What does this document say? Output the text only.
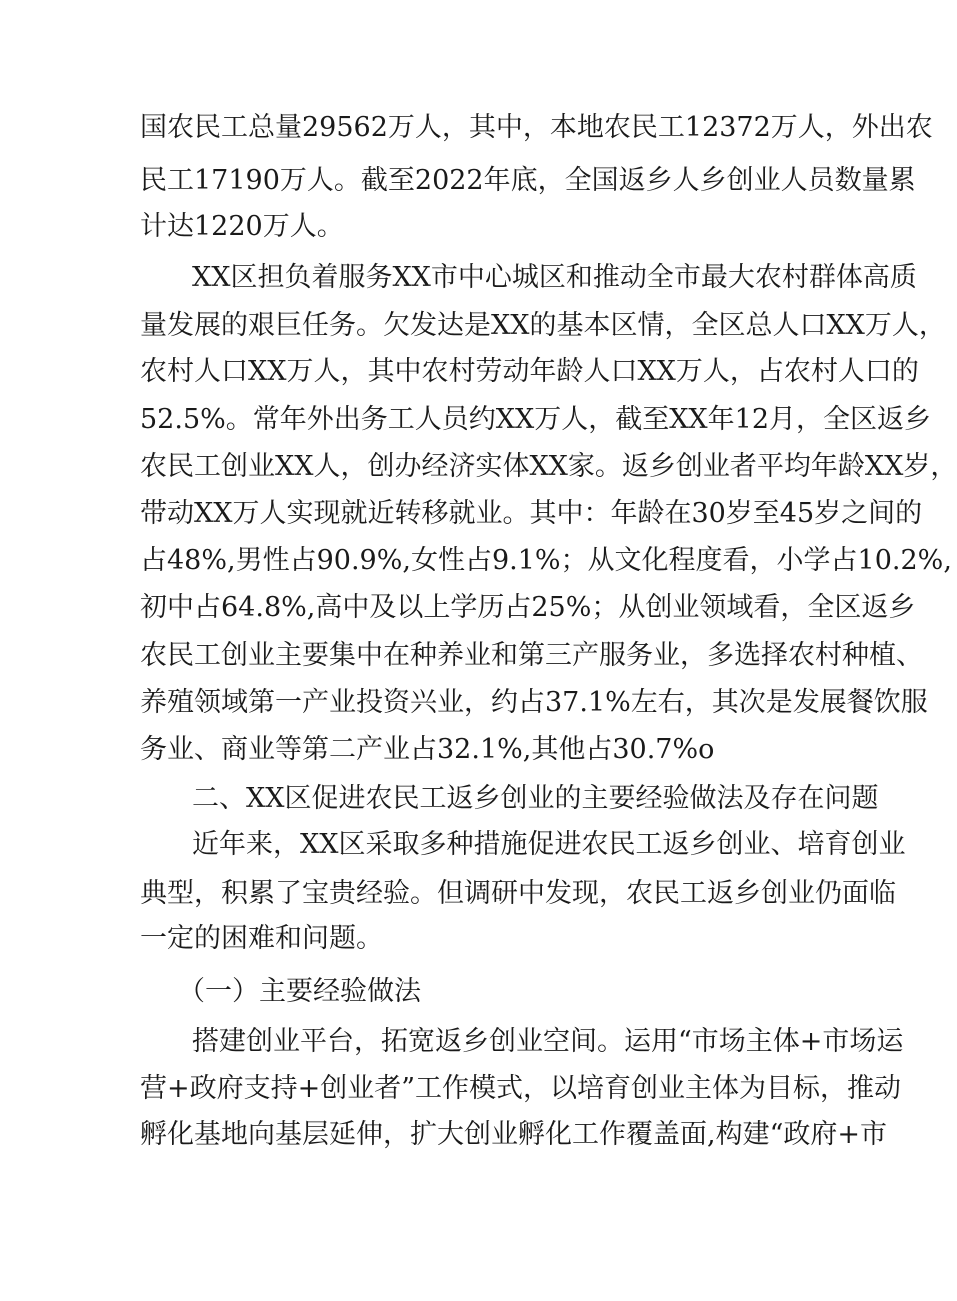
国农民工总量29562万人，其中，本地农民工12372万人，外出农
民工17190万人。截至2022年底，全国返乡人乡创业人员数量累
计达1220万人。
XX区担负着服务XX市中心城区和推动全市最大农村群体高质
量发展的艰巨任务。欠发达是XX的基本区情，全区总人口XX万人，
农村人口XX万人，其中农村劳动年龄人口XX万人，占农村人口的
52.5%。常年外出务工人员约XX万人，截至XX年12月，全区返乡
农民工创业XX人，创办经济实体XX家。返乡创业者平均年龄XX岁，
带动XX万人实现就近转移就业。其中：年龄在30岁至45岁之间的
占48%,男性占90.9%,女性占9.1%；从文化程度看，小学占10.2%,
初中占64.8%,高中及以上学历占25%；从创业领域看，全区返乡
农民工创业主要集中在种养业和第三产服务业，多选择农村种植、
养殖领域第一产业投资兴业，约占37.1%左右，其次是发展餐饮服
务业、商业等第二产业占32.1%,其他占30.7%o
二、XX区促进农民工返乡创业的主要经验做法及存在问题
近年来，XX区采取多种措施促进农民工返乡创业、培育创业
典型，积累了宝贵经验。但调研中发现，农民工返乡创业仍面临
一定的困难和问题。
（一）主要经验做法
搭建创业平台，拓宽返乡创业空间。运用“市场主体+市场运
营+政府支持+创业者”工作模式，以培育创业主体为目标，推动
孵化基地向基层延伸，扩大创业孵化工作覆盖面,构建“政府+市
